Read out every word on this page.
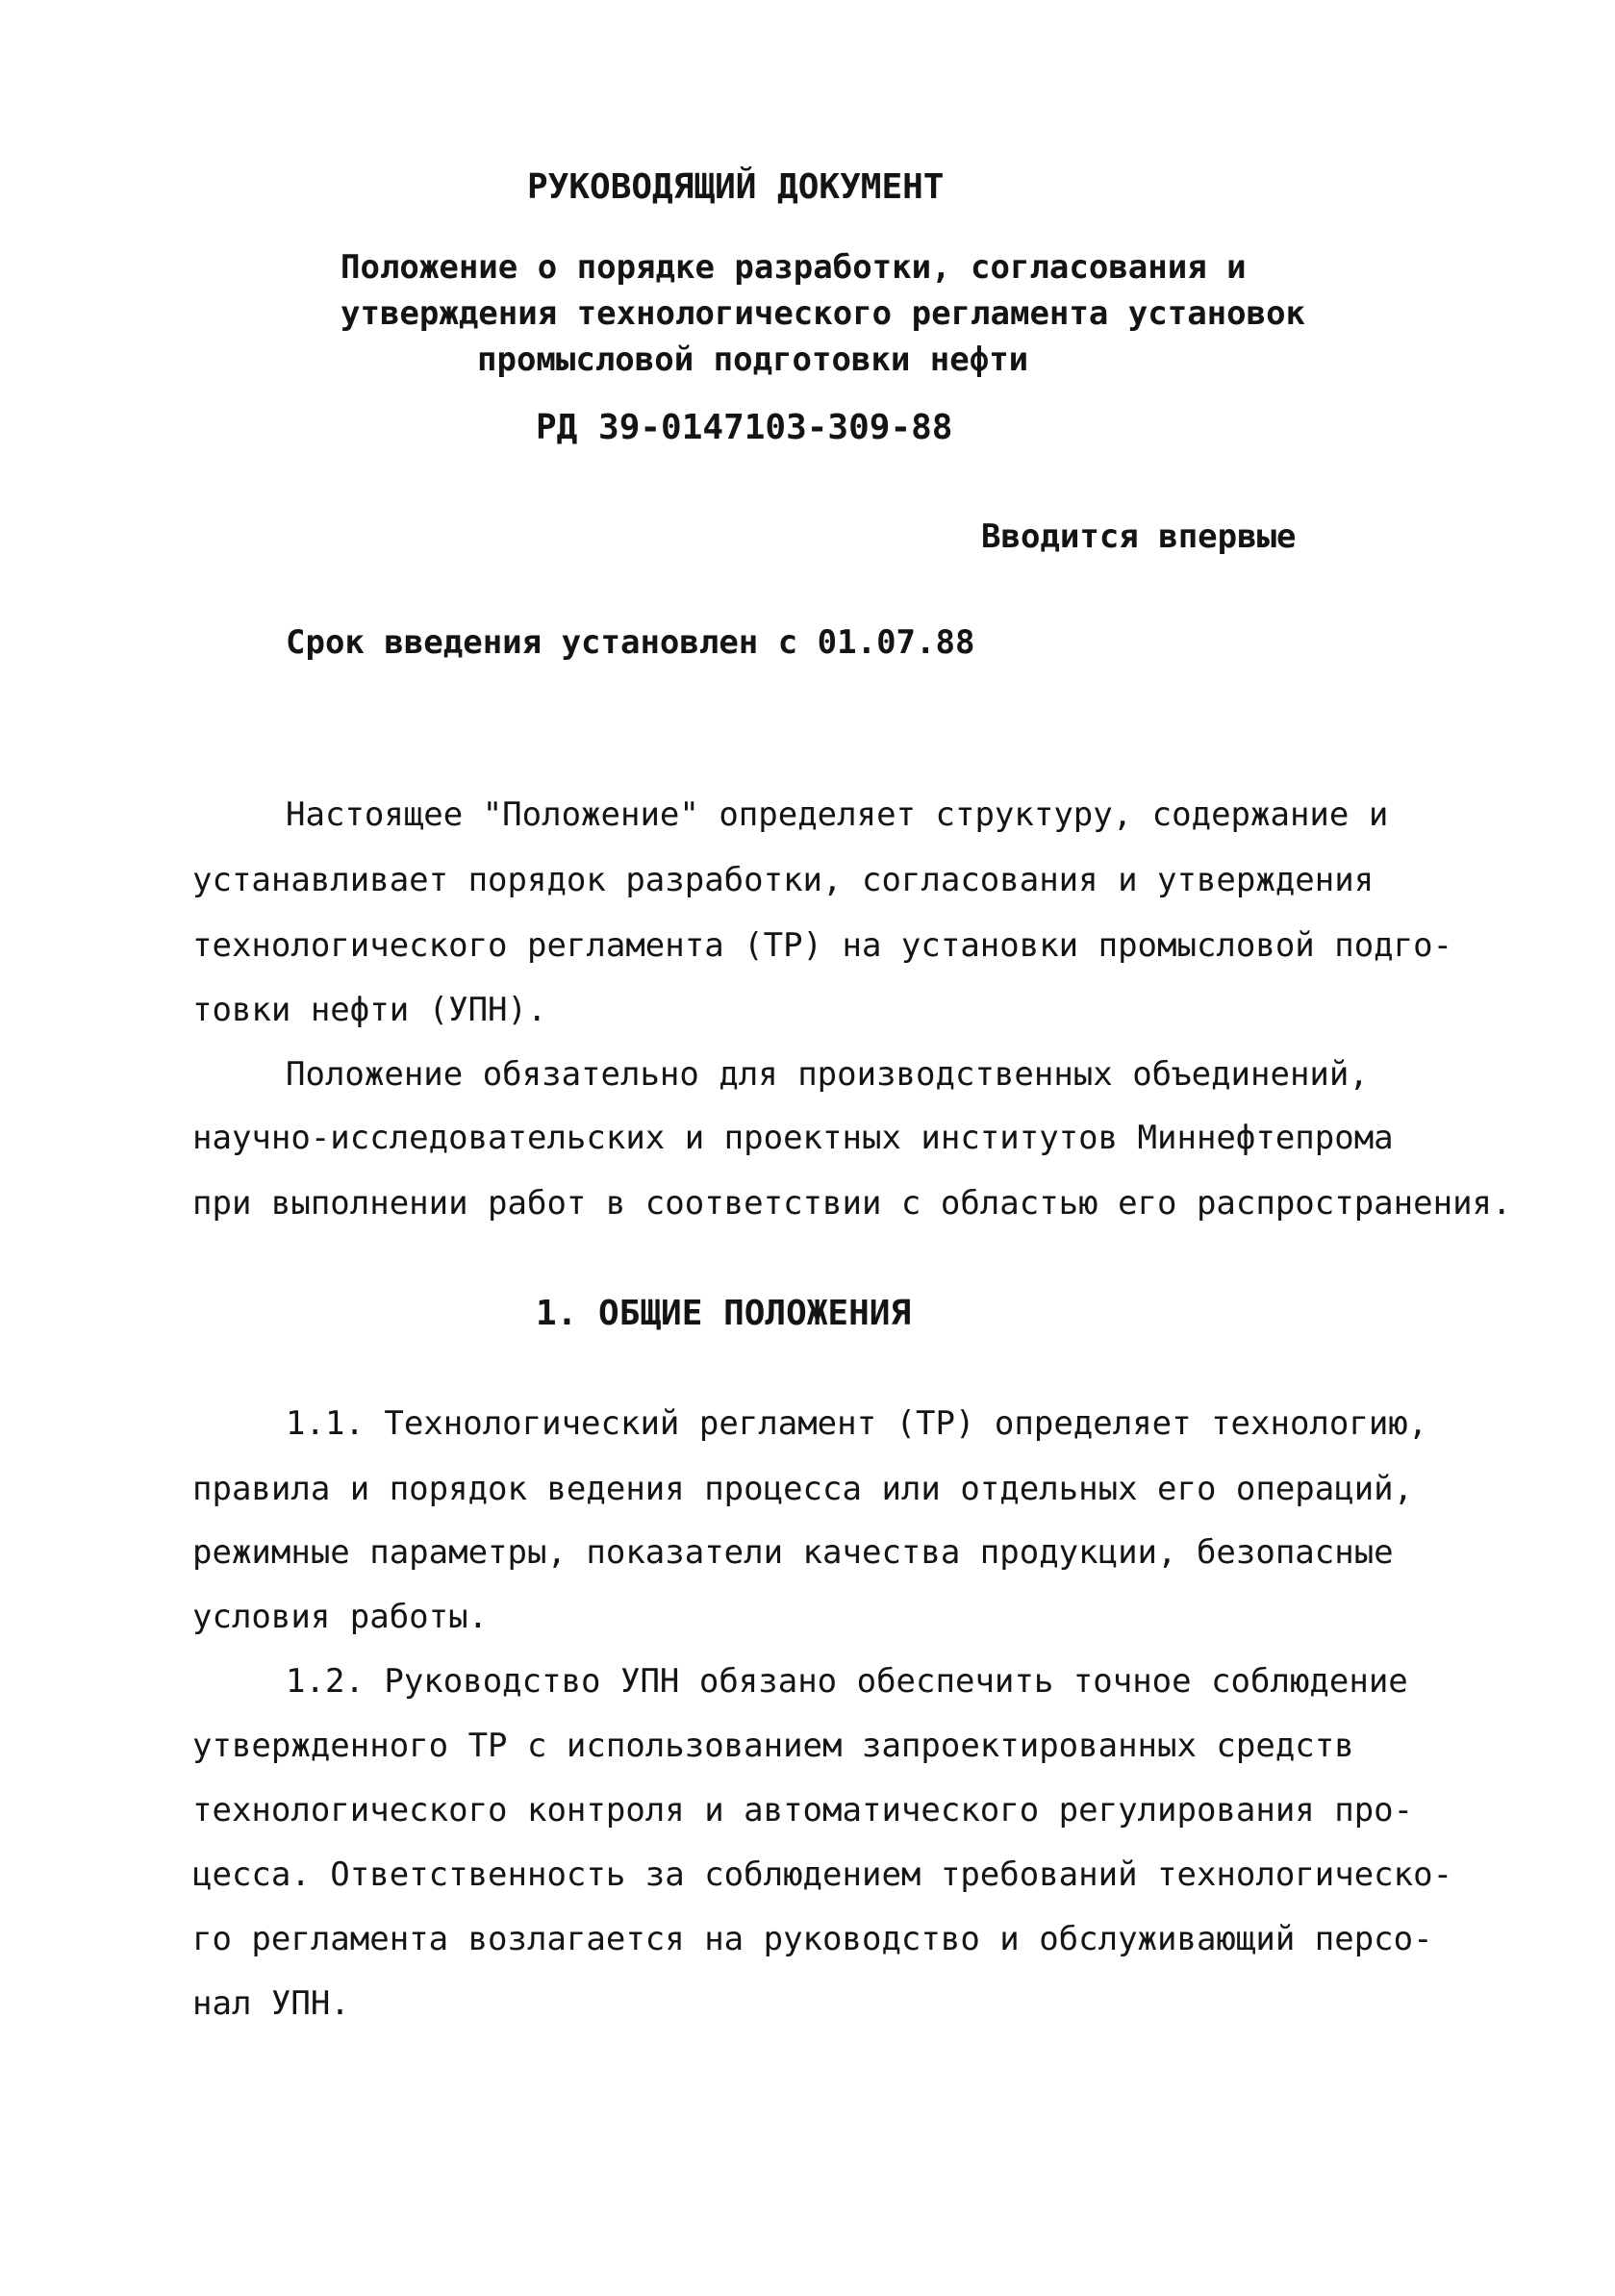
РУКОВОДЯЩИЙ ДОКУМЕНТ
Положение о порядке разработки, согласования и
утверждения технологического регламента установок
промысловой подготовки нефти
РД 39-0147103-309-88
Вводится впервые
Срок введения установлен с 01.07.88
Настоящее "Положение" определяет структуру, содержание и
устанавливает порядок разработки, согласования и утверждения
технологического регламента (ТР) на установки промысловой подго-
товки нефти (УПН).
Положение обязательно для производственных объединений,
научно-исследовательских и проектных институтов Миннефтепрома
при выполнении работ в соответствии с областью его распространения.
1. ОБЩИЕ ПОЛОЖЕНИЯ
1.1. Технологический регламент (ТР) определяет технологию,
правила и порядок ведения процесса или отдельных его операций,
режимные параметры, показатели качества продукции, безопасные
условия работы.
1.2. Руководство УПН обязано обеспечить точное соблюдение
утвержденного ТР с использованием запроектированных средств
технологического контроля и автоматического регулирования про-
цесса. Ответственность за соблюдением требований технологическо-
го регламента возлагается на руководство и обслуживающий персо-
нал УПН.
